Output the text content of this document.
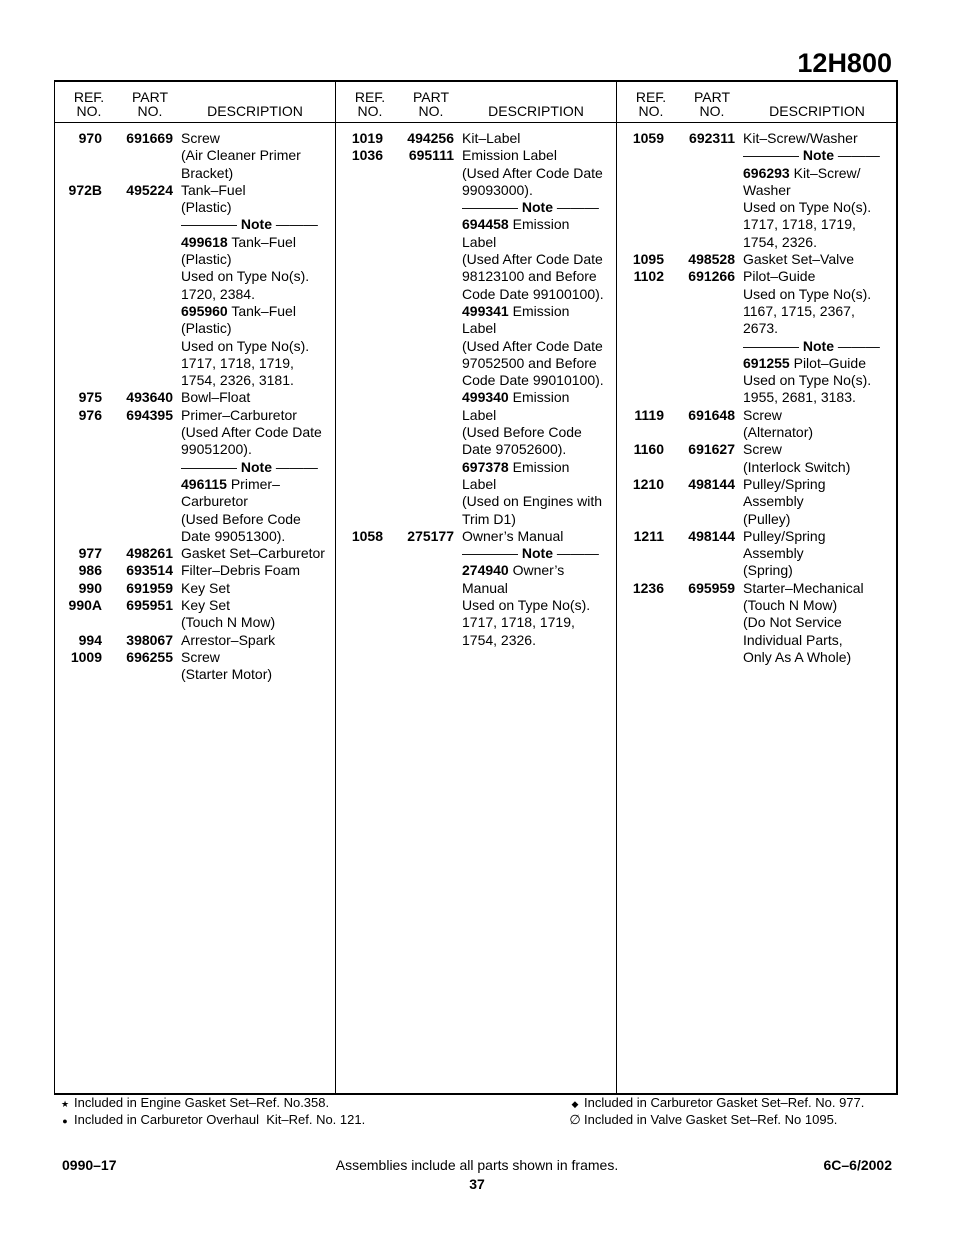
12H800
REF.
NO.
PART
NO.	DESCRIPTION
970	691669 Screw
(Air Cleaner Primer
Bracket)
972B	495224 Tank–Fuel
(Plastic)
———— Note ———
499618 Tank–Fuel
(Plastic)
Used on Type No(s).
1720, 2384.
695960 Tank–Fuel
(Plastic)
Used on Type No(s).
1717, 1718, 1719,
1754, 2326, 3181.
975	493640 Bowl–Float
976	694395 Primer–Carburetor
(Used After Code Date
99051200).
———— Note ———
496115 Primer–
Carburetor
(Used Before Code
Date 99051300).
977	498261 Gasket Set–Carburetor
986	693514 Filter–Debris Foam
990	691959 Key Set
990A	695951 Key Set
(Touch N Mow)
994	398067 Arrestor–Spark
1009	696255 Screw
(Starter Motor)
REF.
NO.
PART
NO.	DESCRIPTION
1019	494256 Kit–Label
1036	695111 Emission Label
(Used After Code Date
99093000).
———— Note ———
694458 Emission
Label
(Used After Code Date
98123100 and Before
Code Date 99100100).
499341 Emission
Label
(Used After Code Date
97052500 and Before
Code Date 99010100).
499340 Emission
Label
(Used Before Code
Date 97052600).
697378 Emission
Label
(Used on Engines with
Trim D1)
1058	275177 Owner’s Manual
———— Note ———
274940 Owner’s
Manual
Used on Type No(s).
1717, 1718, 1719,
1754, 2326.
REF.
NO.
PART
NO.	DESCRIPTION
1059	692311 Kit–Screw/Washer
———— Note ———
696293 Kit–Screw/
Washer
Used on Type No(s).
1717, 1718, 1719,
1754, 2326.
1095	498528 Gasket Set–Valve
1102	691266 Pilot–Guide
Used on Type No(s).
1167, 1715, 2367,
2673.
———— Note ———
691255 Pilot–Guide
Used on Type No(s).
1955, 2681, 3183.
1119	691648 Screw
(Alternator)
1160	691627 Screw
(Interlock Switch)
1210	498144 Pulley/Spring
Assembly
(Pulley)
1211	498144 Pulley/Spring
Assembly
(Spring)
1236	695959 Starter–Mechanical
(Touch N Mow)
(Do Not Service
Individual Parts,
Only As A Whole)
★ Included in Engine Gasket Set–Ref. No.358.
● Included in Carburetor Overhaul  Kit–Ref. No. 121.
◆ Included in Carburetor Gasket Set–Ref. No. 977.
∅ Included in Valve Gasket Set–Ref. No 1095.
0990–17	Assemblies include all parts shown in frames.	6C–6/2002
37
